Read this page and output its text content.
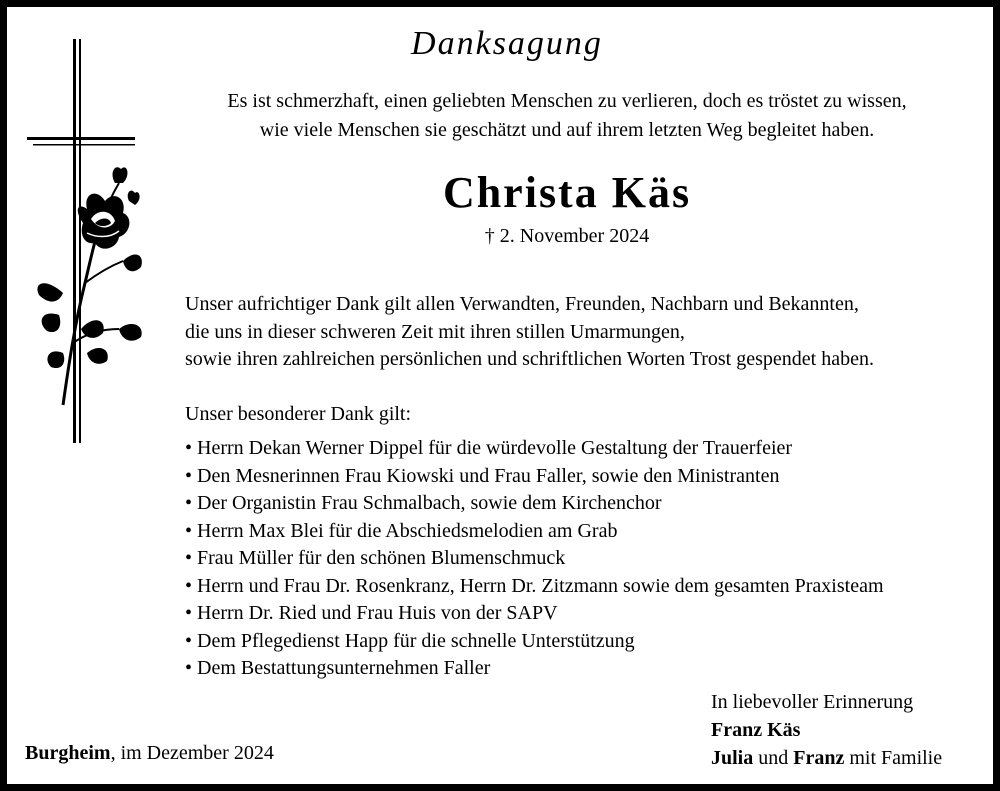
Danksagung

Es ist schmerzhaft, einen geliebten Menschen zu verlieren, doch es tröstet zu wissen,
wie viele Menschen sie geschätzt und auf ihrem letzten Weg begleitet haben.

Christa Käs

† 2. November 2024

Unser aufrichtiger Dank gilt allen Verwandten, Freunden, Nachbarn und Bekannten,
die uns in dieser schweren Zeit mit ihren stillen Umarmungen,
sowie ihren zahlreichen persönlichen und schriftlichen Worten Trost gespendet haben.

Unser besonderer Dank gilt:

• Herrn Dekan Werner Dippel für die würdevolle Gestaltung der Trauerfeier
• Den Mesnerinnen Frau Kiowski und Frau Faller, sowie den Ministranten
• Der Organistin Frau Schmalbach, sowie dem Kirchenchor
• Herrn Max Blei für die Abschiedsmelodien am Grab
• Frau Müller für den schönen Blumenschmuck
• Herrn und Frau Dr. Rosenkranz, Herrn Dr. Zitzmann sowie dem gesamten Praxisteam
• Herrn Dr. Ried und Frau Huis von der SAPV
• Dem Pflegedienst Happ für die schnelle Unterstützung
• Dem Bestattungsunternehmen Faller

Burgheim, im Dezember 2024

In liebevoller Erinnerung

Franz Käs

Julia und Franz mit Familie
